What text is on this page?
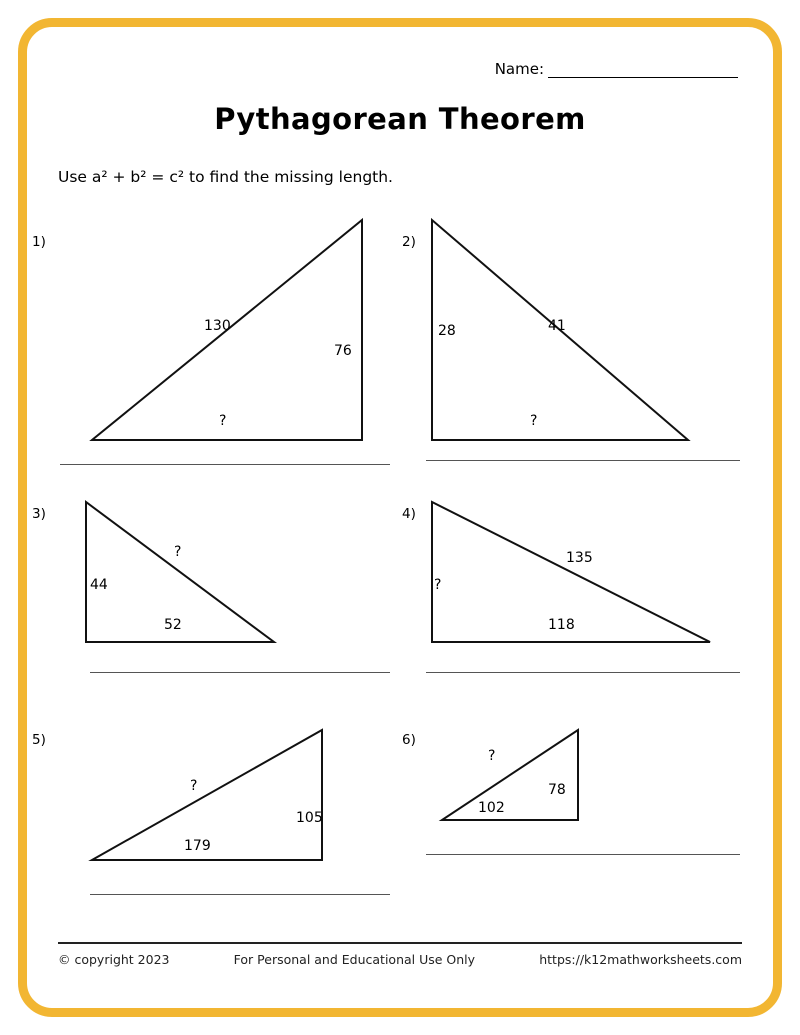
Name:
Pythagorean Theorem
Use a² + b² = c² to find the missing length.
1)
130
76
?
2)
41
28
?
3)
?
44
52
4)
135
?
118
5)
?
105
179
6)
?
78
102
© copyright 2023	For Personal and Educational Use Only	https://k12mathworksheets.com
